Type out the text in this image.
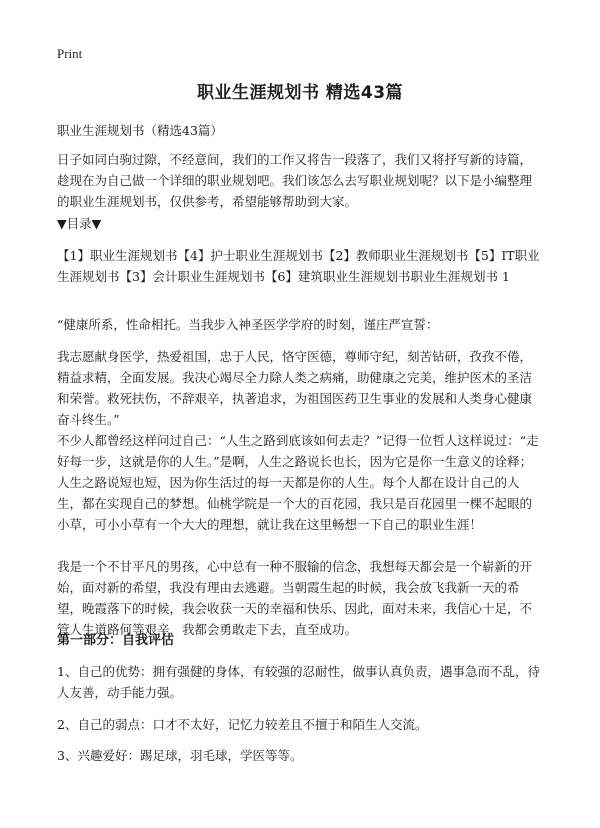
Print
职业生涯规划书 精选43篇
职业生涯规划书（精选43篇）
日子如同白驹过隙，不经意间，我们的工作又将告一段落了，我们又将抒写新的诗篇，趁现在为自己做一个详细的职业规划吧。我们该怎么去写职业规划呢？以下是小编整理的职业生涯规划书，仅供参考，希望能够帮助到大家。
▼目录▼
【1】职业生涯规划书【4】护士职业生涯规划书【2】教师职业生涯规划书【5】IT职业生涯规划书【3】会计职业生涯规划书【6】建筑职业生涯规划书职业生涯规划书 1
“健康所系，性命相托。当我步入神圣医学学府的时刻，谨庄严宣誓：
我志愿献身医学，热爱祖国，忠于人民，恪守医德，尊师守纪，刻苦钻研，孜孜不倦，精益求精，全面发展。我决心竭尽全力除人类之病痛，助健康之完美，维护医术的圣洁和荣誉。救死扶伤，不辞艰辛，执著追求，为祖国医药卫生事业的发展和人类身心健康奋斗终生。”
不少人都曾经这样问过自己：“人生之路到底该如何去走？”记得一位哲人这样说过：“走好每一步，这就是你的人生。”是啊，人生之路说长也长，因为它是你一生意义的诠释；人生之路说短也短，因为你生活过的每一天都是你的人生。每个人都在设计自己的人生，都在实现自己的梦想。仙桃学院是一个大的百花园，我只是百花园里一棵不起眼的小草，可小小草有一个大大的理想，就让我在这里畅想一下自己的职业生涯！
我是一个不甘平凡的男孩，心中总有一种不服输的信念，我想每天都会是一个崭新的开始，面对新的希望，我没有理由去逃避。当朝霞生起的时候，我会放飞我新一天的希望，晚霞落下的时候，我会收获一天的幸福和快乐、因此，面对未来，我信心十足，不管人生道路何等艰辛，我都会勇敢走下去，直至成功。
第一部分：自我评估
1、自己的优势：拥有强健的身体，有较强的忍耐性，做事认真负责，遇事急而不乱，待人友善，动手能力强。
2、自己的弱点：口才不太好，记忆力较差且不擅于和陌生人交流。
3、兴趣爱好：踢足球，羽毛球，学医等等。
